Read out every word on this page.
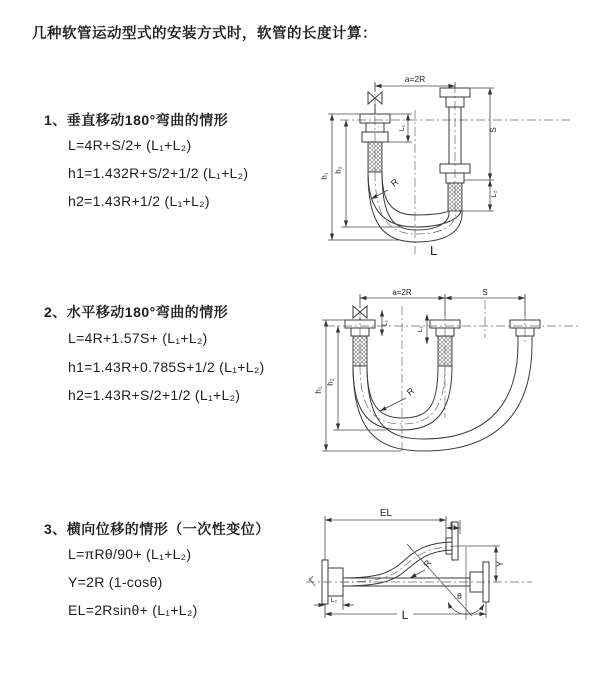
几种软管运动型式的安装方式时，软管的长度计算：
1、垂直移动180°弯曲的情形
L=4R+S/2+ (L₁+L₂)
h1=1.432R+S/2+1/2 (L₁+L₂)
h2=1.43R+1/2 (L₁+L₂)
2、水平移动180°弯曲的情形
L=4R+1.57S+ (L₁+L₂)
h1=1.43R+0.785S+1/2 (L₁+L₂)
h2=1.43R+S/2+1/2 (L₁+L₂)
3、横向位移的情形（一次性变位）
L=πRθ/90+ (L₁+L₂)
Y=2R (1-cosθ)
EL=2Rsinθ+ (L₁+L₂)
a=2R
L₁	S
L₂
h₁
h₂
R
L
a=2R	S
L₁
L₂
h₁
h₂
R
EL
L₁
Y
θ
R
L₂
L
